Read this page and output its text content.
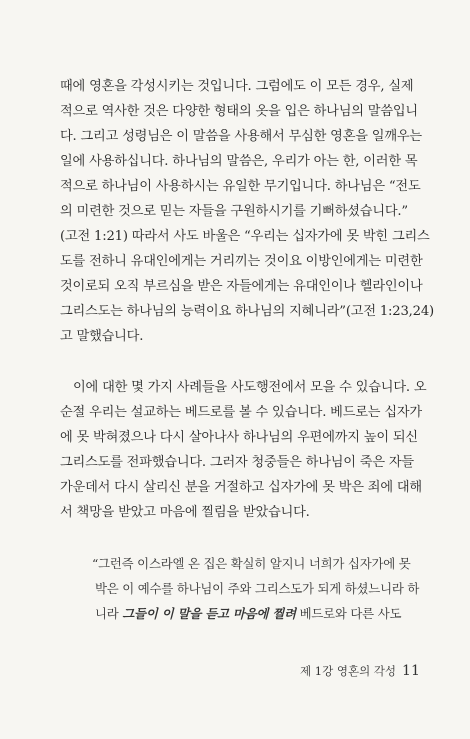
때에 영혼을 각성시키는 것입니다. 그럼에도 이 모든 경우, 실제
적으로 역사한 것은 다양한 형태의 옷을 입은 하나님의 말씀입니
다. 그리고 성령님은 이 말씀을 사용해서 무심한 영혼을 일깨우는
일에 사용하십니다. 하나님의 말씀은, 우리가 아는 한, 이러한 목
적으로 하나님이 사용하시는 유일한 무기입니다. 하나님은 “전도
의 미련한 것으로 믿는 자들을 구원하시기를 기뻐하셨습니다.”
(고전 1:21) 따라서 사도 바울은 “우리는 십자가에 못 박힌 그리스
도를 전하니 유대인에게는 거리끼는 것이요 이방인에게는 미련한
것이로되 오직 부르심을 받은 자들에게는 유대인이나 헬라인이나
그리스도는 하나님의 능력이요 하나님의 지혜니라”(고전 1:23,24)
고 말했습니다.
이에 대한 몇 가지 사례들을 사도행전에서 모을 수 있습니다. 오
순절 우리는 설교하는 베드로를 볼 수 있습니다. 베드로는 십자가
에 못 박혀졌으나 다시 살아나사 하나님의 우편에까지 높이 되신
그리스도를 전파했습니다. 그러자 청중들은 하나님이 죽은 자들
가운데서 다시 살리신 분을 거절하고 십자가에 못 박은 죄에 대해
서 책망을 받았고 마음에 찔림을 받았습니다.
“그런즉 이스라엘 온 집은 확실히 알지니 너희가 십자가에 못
박은 이 예수를 하나님이 주와 그리스도가 되게 하셨느니라 하
니라 그들이 이 말을 듣고 마음에 찔려 베드로와 다른 사도
제 1강 영혼의 각성 11
